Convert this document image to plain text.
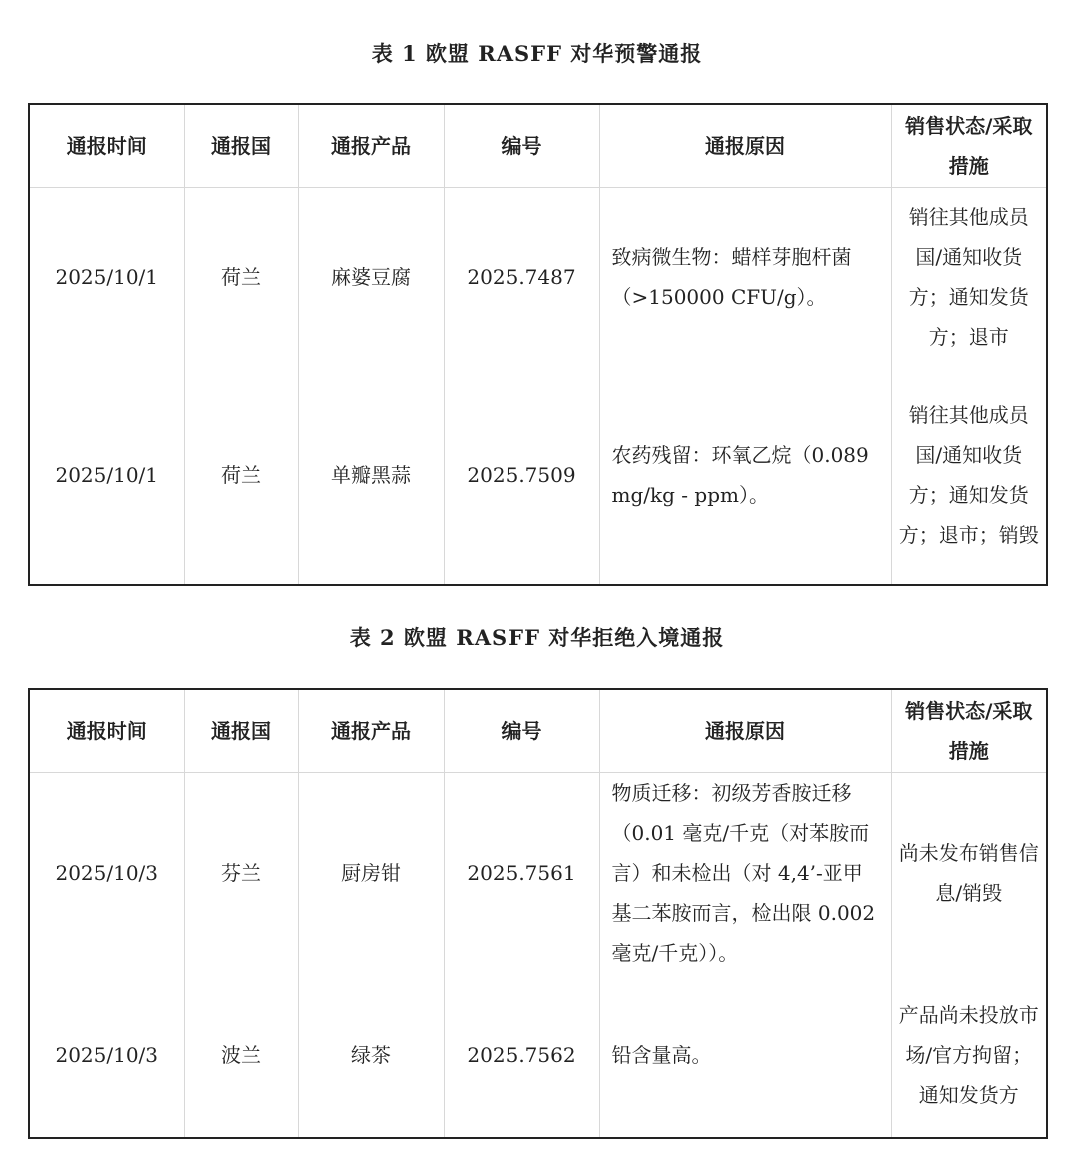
表 1 欧盟 RASFF 对华预警通报
通报时间	通报国	通报产品	编号	通报原因	销售状态/采取措施
2025/10/1	荷兰	麻婆豆腐	2025.7487	致病微生物：蜡样芽胞杆菌（>150000 CFU/g）。	销往其他成员国/通知收货方；通知发货方；退市
2025/10/1	荷兰	单瓣黑蒜	2025.7509	农药残留：环氧乙烷（0.089 mg/kg - ppm）。	销往其他成员国/通知收货方；通知发货方；退市；销毁
表 2 欧盟 RASFF 对华拒绝入境通报
通报时间	通报国	通报产品	编号	通报原因	销售状态/采取措施
2025/10/3	芬兰	厨房钳	2025.7561	物质迁移：初级芳香胺迁移（0.01 毫克/千克（对苯胺而言）和未检出（对 4,4’-亚甲基二苯胺而言，检出限 0.002 毫克/千克））。	尚未发布销售信息/销毁
2025/10/3	波兰	绿茶	2025.7562	铅含量高。	产品尚未投放市场/官方拘留；通知发货方
